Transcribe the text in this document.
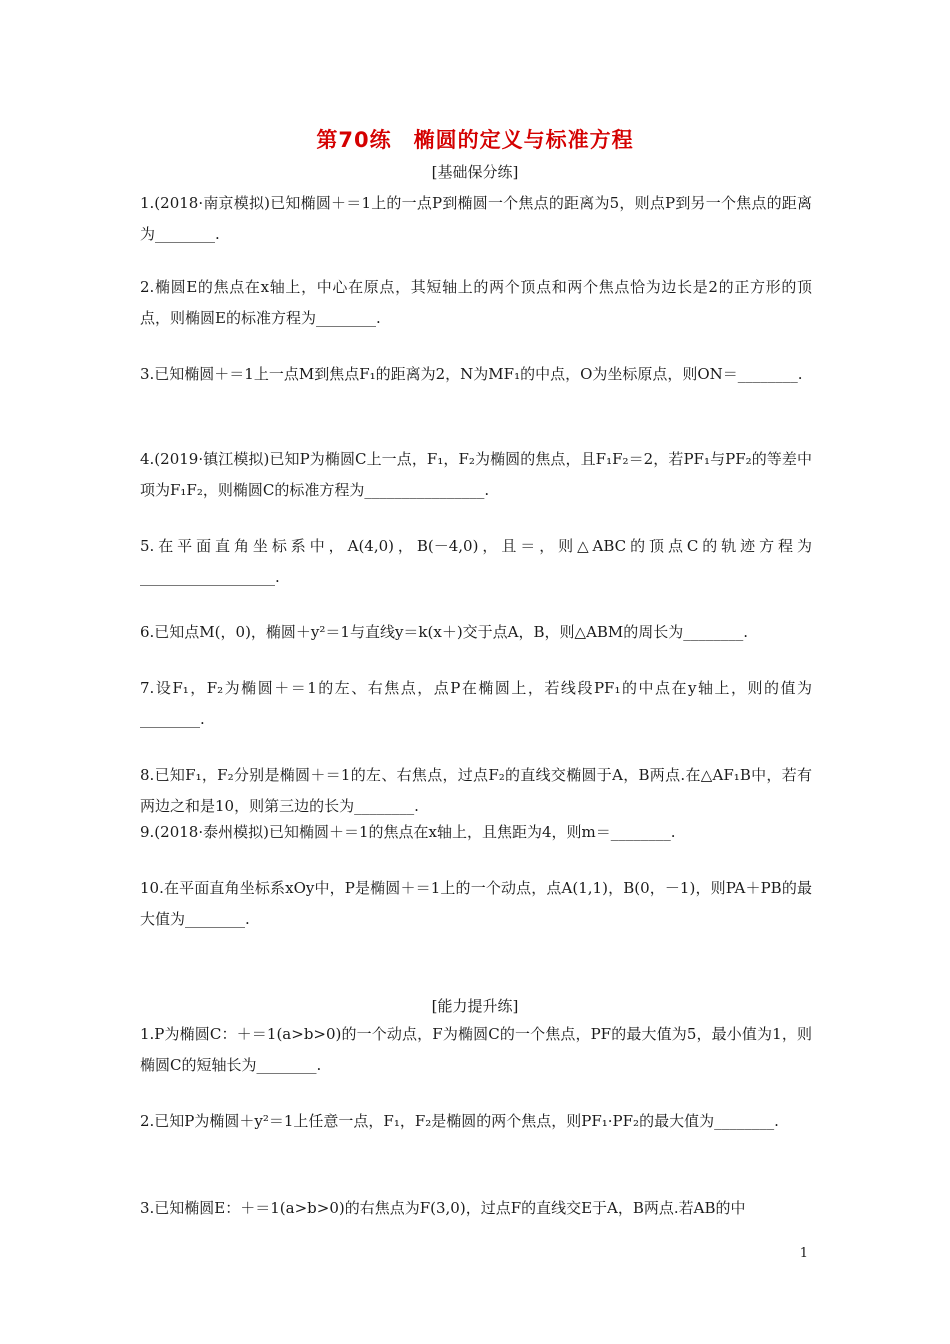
第70练　椭圆的定义与标准方程
[基础保分练]

1.(2018·南京模拟)已知椭圆＋＝1上的一点P到椭圆一个焦点的距离为5，则点P到另一个焦点的距离为________.

2.椭圆E的焦点在x轴上，中心在原点，其短轴上的两个顶点和两个焦点恰为边长是2的正方形的顶点，则椭圆E的标准方程为________.

3.已知椭圆＋＝1上一点M到焦点F₁的距离为2，N为MF₁的中点，O为坐标原点，则ON＝________.

4.(2019·镇江模拟)已知P为椭圆C上一点，F₁，F₂为椭圆的焦点，且F₁F₂＝2，若PF₁与PF₂的等差中项为F₁F₂，则椭圆C的标准方程为________________.

5.在平面直角坐标系中，A(4,0)，B(－4,0)，且＝，则△ABC的顶点C的轨迹方程为__________________.

6.已知点M(，0)，椭圆＋y²＝1与直线y＝k(x＋)交于点A，B，则△ABM的周长为________.

7.设F₁，F₂为椭圆＋＝1的左、右焦点，点P在椭圆上，若线段PF₁的中点在y轴上，则的值为________.

8.已知F₁，F₂分别是椭圆＋＝1的左、右焦点，过点F₂的直线交椭圆于A，B两点.在△AF₁B中，若有两边之和是10，则第三边的长为________.

9.(2018·泰州模拟)已知椭圆＋＝1的焦点在x轴上，且焦距为4，则m＝________.

10.在平面直角坐标系xOy中，P是椭圆＋＝1上的一个动点，点A(1,1)，B(0，－1)，则PA＋PB的最大值为________.

[能力提升练]

1.P为椭圆C：＋＝1(a>b>0)的一个动点，F为椭圆C的一个焦点，PF的最大值为5，最小值为1，则椭圆C的短轴长为________.

2.已知P为椭圆＋y²＝1上任意一点，F₁，F₂是椭圆的两个焦点，则PF₁·PF₂的最大值为________.

3.已知椭圆E：＋＝1(a>b>0)的右焦点为F(3,0)，过点F的直线交E于A，B两点.若AB的中

1
